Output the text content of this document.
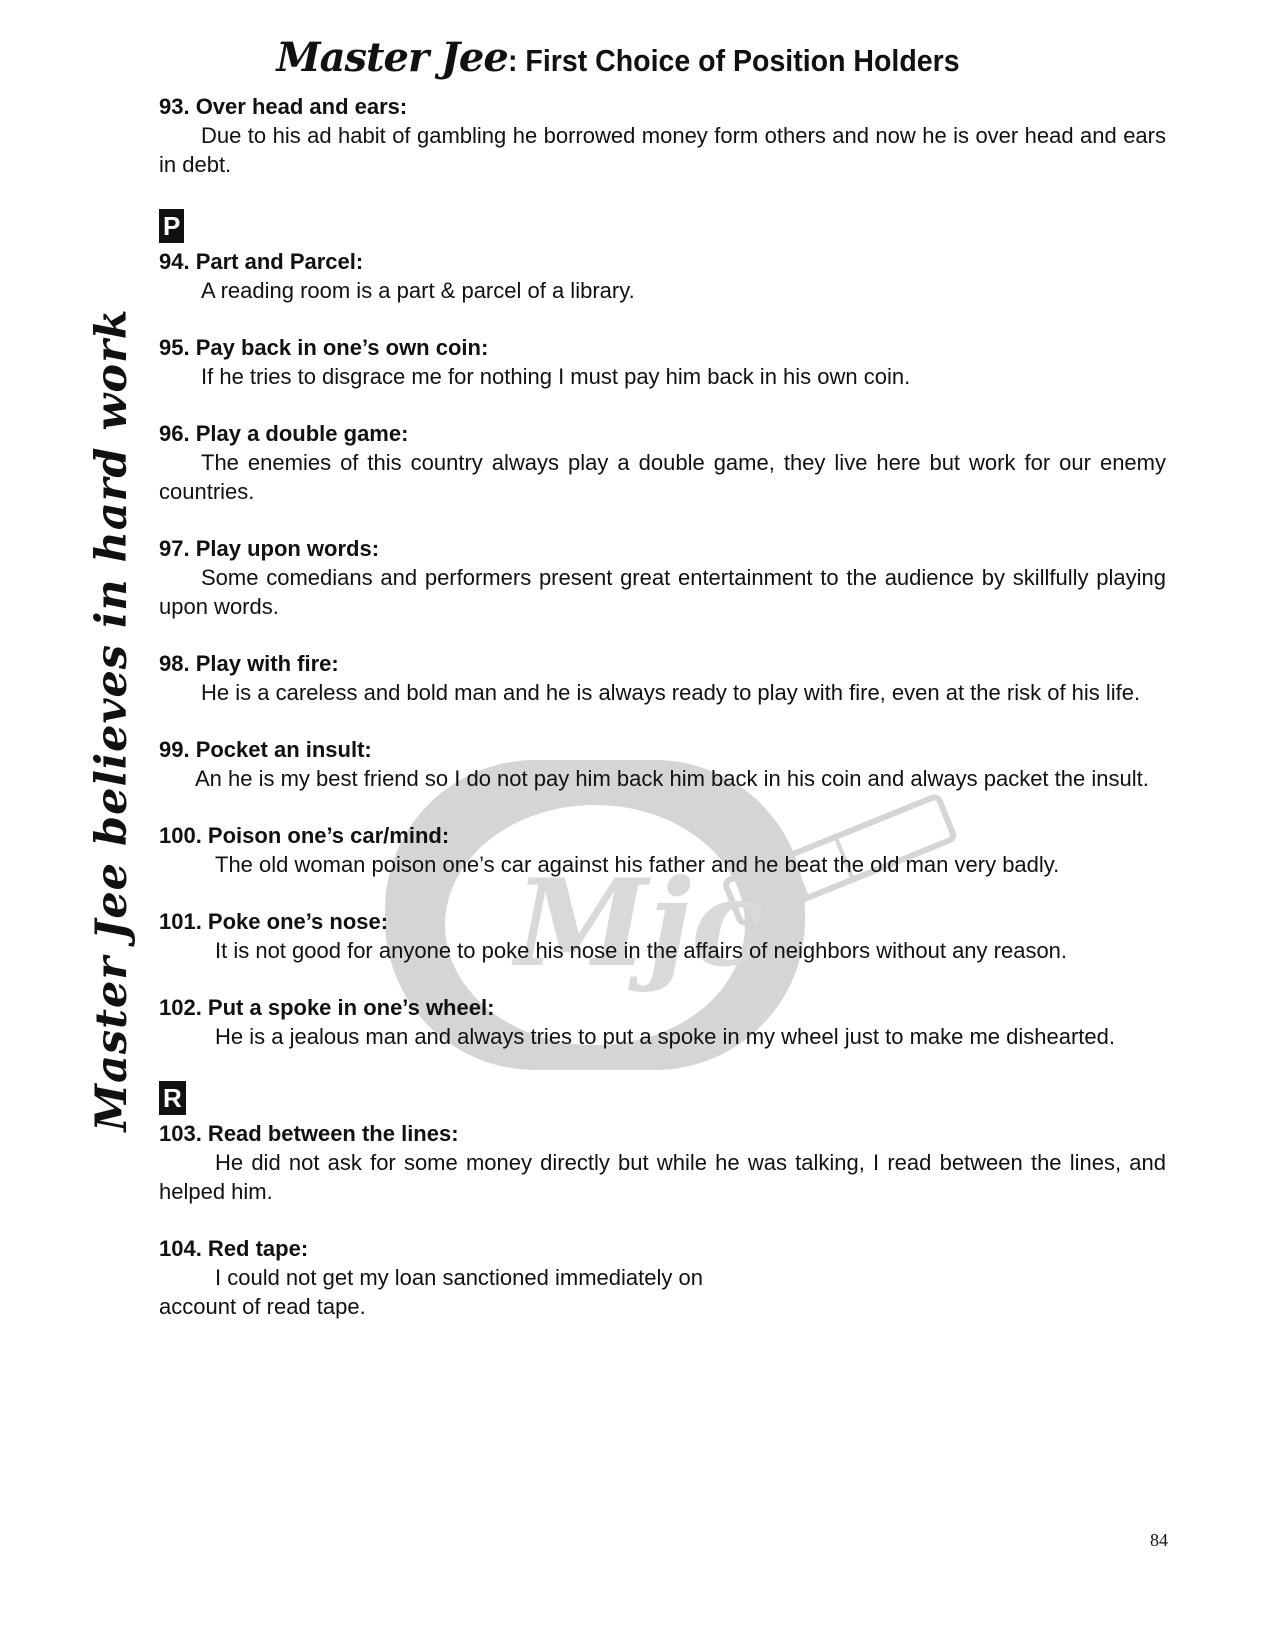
Master Jee: First Choice of Position Holders
Master Jee believes in hard work	Mjc
93. Over head and ears:
Due to his ad habit of gambling he borrowed money form others and now he is over head and ears in debt.
P
94. Part and Parcel:
A reading room is a part & parcel of a library.
95. Pay back in one’s own coin:
If he tries to disgrace me for nothing I must pay him back in his own coin.
96. Play a double game:
The enemies of this country always play a double game, they live here but work for our enemy countries.
97. Play upon words:
Some comedians and performers present great entertainment to the audience by skillfully playing upon words.
98. Play with fire:
He is a careless and bold man and he is always ready to play with fire, even at the risk of his life.
99. Pocket an insult:
An he is my best friend so I do not pay him back him back in his coin and always packet the insult.
100. Poison one’s car/mind:
The old woman poison one’s car against his father and he beat the old man very badly.
101. Poke one’s nose:
It is not good for anyone to poke his nose in the affairs of neighbors without any reason.
102. Put a spoke in one’s wheel:
He is a jealous man and always tries to put a spoke in my wheel just to make me dishearted.
R
103. Read between the lines:
He did not ask for some money directly but while he was talking, I read between the lines, and helped him.
104. Red tape:
I could not get my loan sanctioned immediately on
account of read tape.
84
